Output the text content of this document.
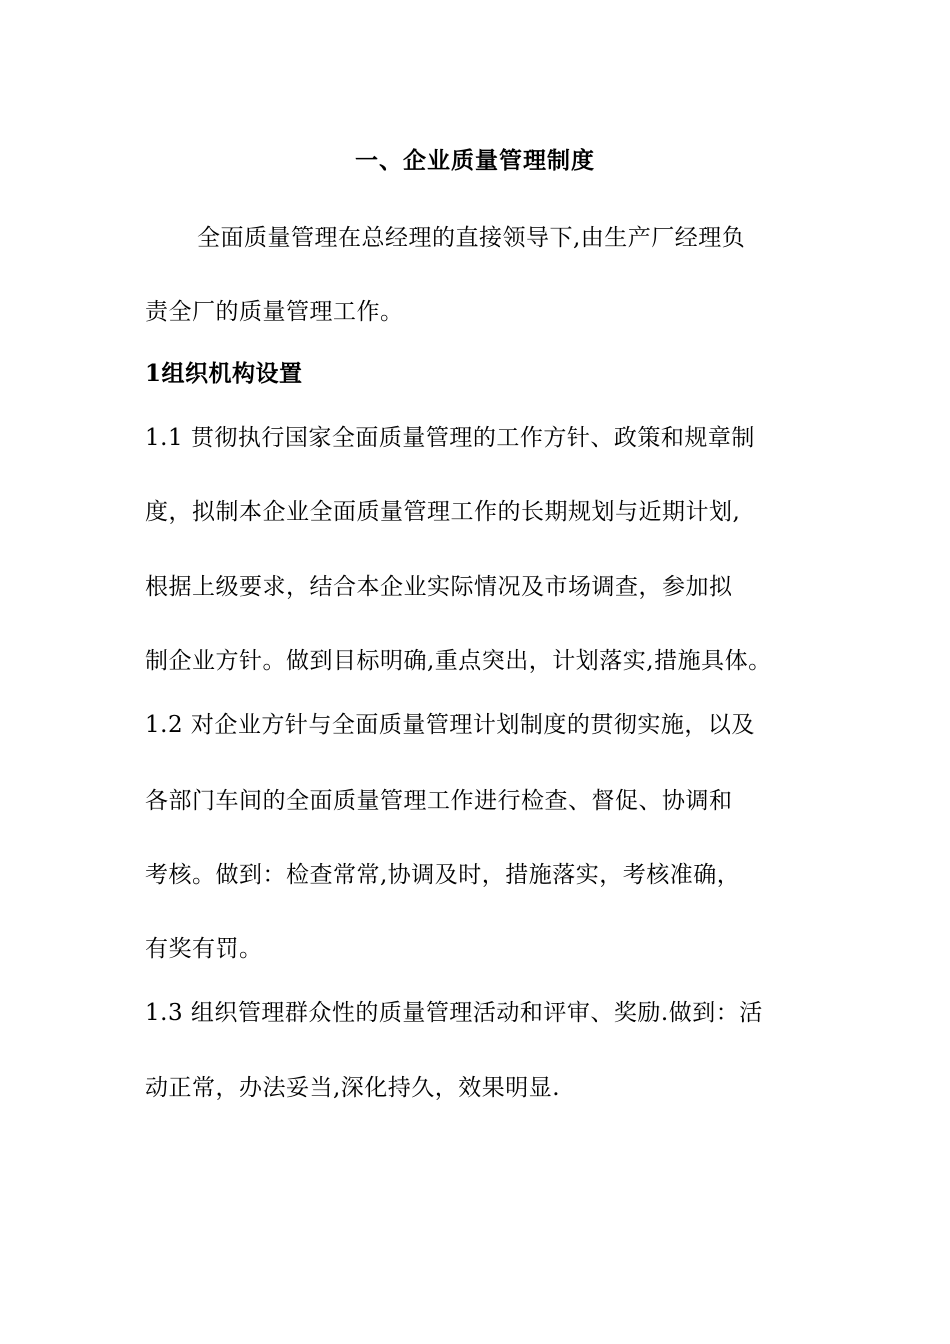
一、企业质量管理制度
全面质量管理在总经理的直接领导下,由生产厂经理负
责全厂的质量管理工作。
1组织机构设置
1.1 贯彻执行国家全面质量管理的工作方针、政策和规章制
度，拟制本企业全面质量管理工作的长期规划与近期计划,
根据上级要求，结合本企业实际情况及市场调查，参加拟
制企业方针。做到目标明确,重点突出，计划落实,措施具体。
1.2 对企业方针与全面质量管理计划制度的贯彻实施，以及
各部门车间的全面质量管理工作进行检查、督促、协调和
考核。做到：检查常常,协调及时，措施落实，考核准确，
有奖有罚。
1.3 组织管理群众性的质量管理活动和评审、奖励.做到：活
动正常，办法妥当,深化持久，效果明显.
